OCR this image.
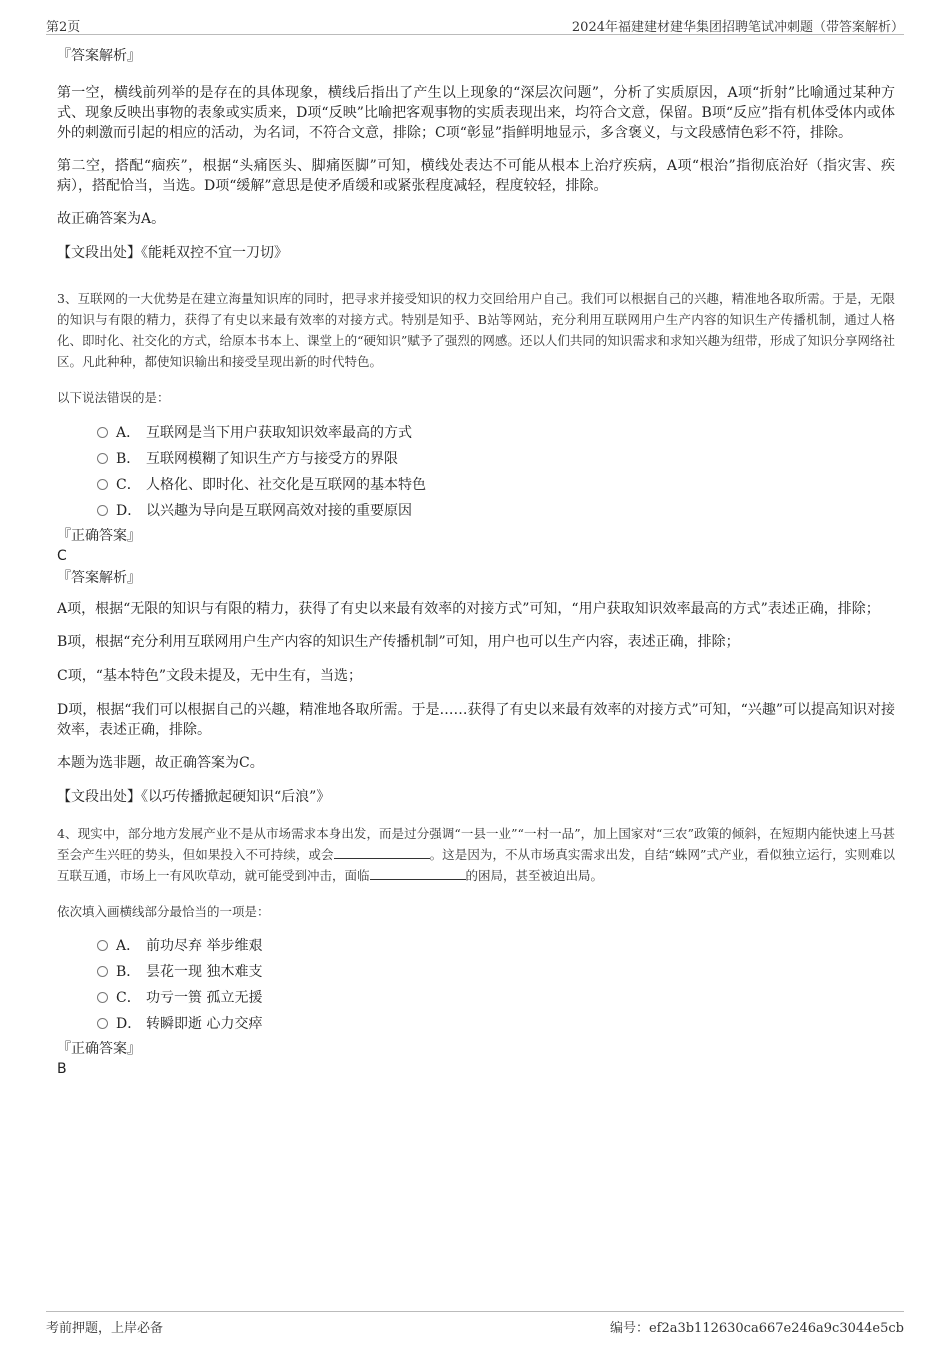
第2页	2024年福建建材建华集团招聘笔试冲刺题（带答案解析）

『答案解析』

第一空，横线前列举的是存在的具体现象，横线后指出了产生以上现象的“深层次问题”，分析了实质原因，A项“折射”比喻通过某种方式、现象反映出事物的表象或实质来，D项“反映”比喻把客观事物的实质表现出来，均符合文意，保留。B项“反应”指有机体受体内或体外的刺激而引起的相应的活动，为名词，不符合文意，排除；C项“彰显”指鲜明地显示，多含褒义，与文段感情色彩不符，排除。

第二空，搭配“痼疾”，根据“头痛医头、脚痛医脚”可知，横线处表达不可能从根本上治疗疾病，A项“根治”指彻底治好（指灾害、疾病），搭配恰当，当选。D项“缓解”意思是使矛盾缓和或紧张程度减轻，程度较轻，排除。

故正确答案为A。

【文段出处】《能耗双控不宜一刀切》

3、互联网的一大优势是在建立海量知识库的同时，把寻求并接受知识的权力交回给用户自己。我们可以根据自己的兴趣，精准地各取所需。于是，无限的知识与有限的精力，获得了有史以来最有效率的对接方式。特别是知乎、B站等网站，充分利用互联网用户生产内容的知识生产传播机制，通过人格化、即时化、社交化的方式，给原本书本上、课堂上的“硬知识”赋予了强烈的网感。还以人们共同的知识需求和求知兴趣为纽带，形成了知识分享网络社区。凡此种种，都使知识输出和接受呈现出新的时代特色。

以下说法错误的是：

A． 互联网是当下用户获取知识效率最高的方式
B． 互联网模糊了知识生产方与接受方的界限
C． 人格化、即时化、社交化是互联网的基本特色
D． 以兴趣为导向是互联网高效对接的重要原因

『正确答案』

C

『答案解析』

A项，根据“无限的知识与有限的精力，获得了有史以来最有效率的对接方式”可知，“用户获取知识效率最高的方式”表述正确，排除；

B项，根据“充分利用互联网用户生产内容的知识生产传播机制”可知，用户也可以生产内容，表述正确，排除；

C项，“基本特色”文段未提及，无中生有，当选；

D项，根据“我们可以根据自己的兴趣，精准地各取所需。于是……获得了有史以来最有效率的对接方式”可知，“兴趣”可以提高知识对接效率，表述正确，排除。

本题为选非题，故正确答案为C。

【文段出处】《以巧传播掀起硬知识“后浪”》

4、现实中，部分地方发展产业不是从市场需求本身出发，而是过分强调“一县一业”“一村一品”，加上国家对“三农”政策的倾斜，在短期内能快速上马甚至会产生兴旺的势头，但如果投入不可持续，或会	。这是因为，不从市场真实需求出发，自结“蛛网”式产业，看似独立运行，实则难以互联互通，市场上一有风吹草动，就可能受到冲击，面临	的困局，甚至被迫出局。

依次填入画横线部分最恰当的一项是：

A． 前功尽弃 举步维艰
B． 昙花一现 独木难支
C． 功亏一篑 孤立无援
D． 转瞬即逝 心力交瘁

『正确答案』

B

考前押题，上岸必备	编号：ef2a3b112630ca667e246a9c3044e5cb
